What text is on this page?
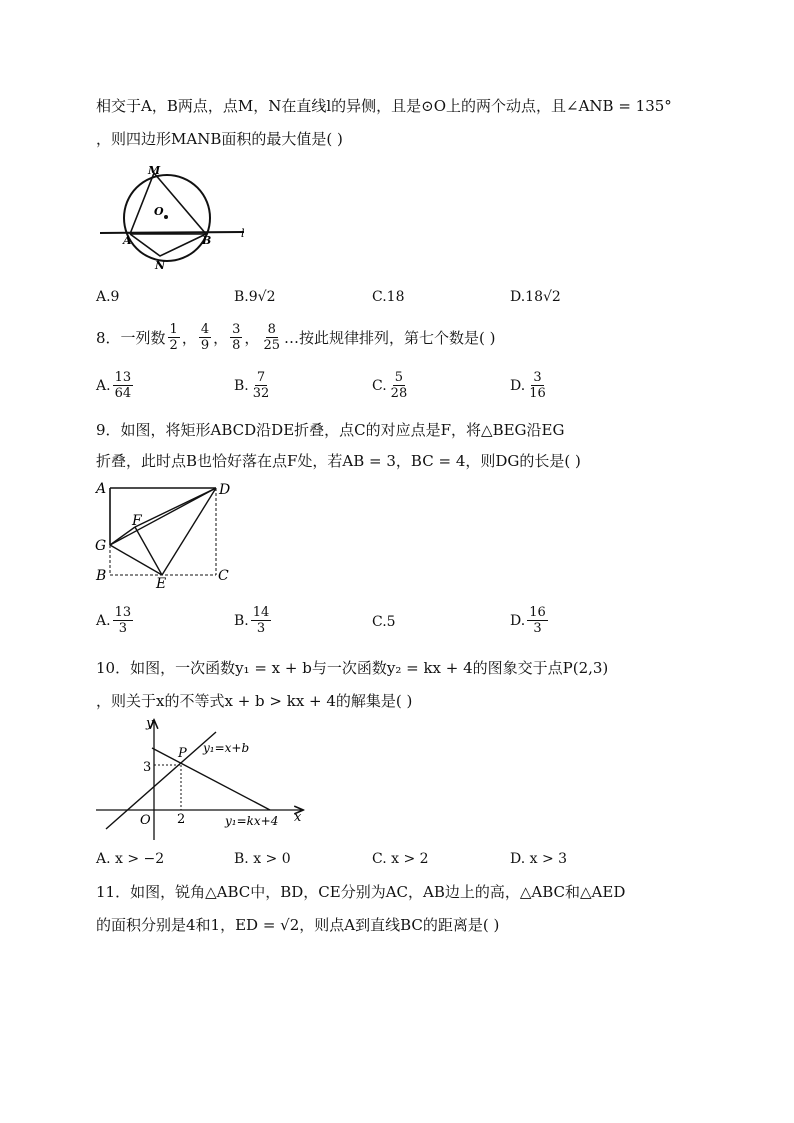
相交于A，B两点，点M，N在直线l的异侧，且是⊙O上的两个动点，且∠ANB = 135°
，则四边形MANB面积的最大值是( )
M
O
A	B
N
l
A.9	B.9√2	C.18	D.18√2
8．一列数 $\frac{1}{2}$ ， $\frac{4}{9}$ ， $\frac{3}{8}$ ， $\frac{8}{25}$ …按此规律排列，第七个数是( )
A. $\frac{13}{64}$	B. $\frac{7}{32}$	C. $\frac{5}{28}$	D. $\frac{3}{16}$
9．如图，将矩形ABCD沿DE折叠，点C的对应点是F，将△BEG沿EG
折叠，此时点B也恰好落在点F处，若AB = 3，BC = 4，则DG的长是( )
A	D
F
G
B	E	C
A. $\frac{13}{3}$	B. $\frac{14}{3}$	C.5	D. $\frac{16}{3}$
10．如图，一次函数y₁ = x + b与一次函数y₂ = kx + 4的图象交于点P(2,3)
，则关于x的不等式x + b > kx + 4的解集是( )
y
x
O
P
3
2
y₁=x+b
y₁=kx+4
A. x > −2	B. x > 0	C. x > 2	D. x > 3
11．如图，锐角△ABC中，BD，CE分别为AC，AB边上的高，△ABC和△AED
的面积分别是4和1，ED = √2，则点A到直线BC的距离是( )
